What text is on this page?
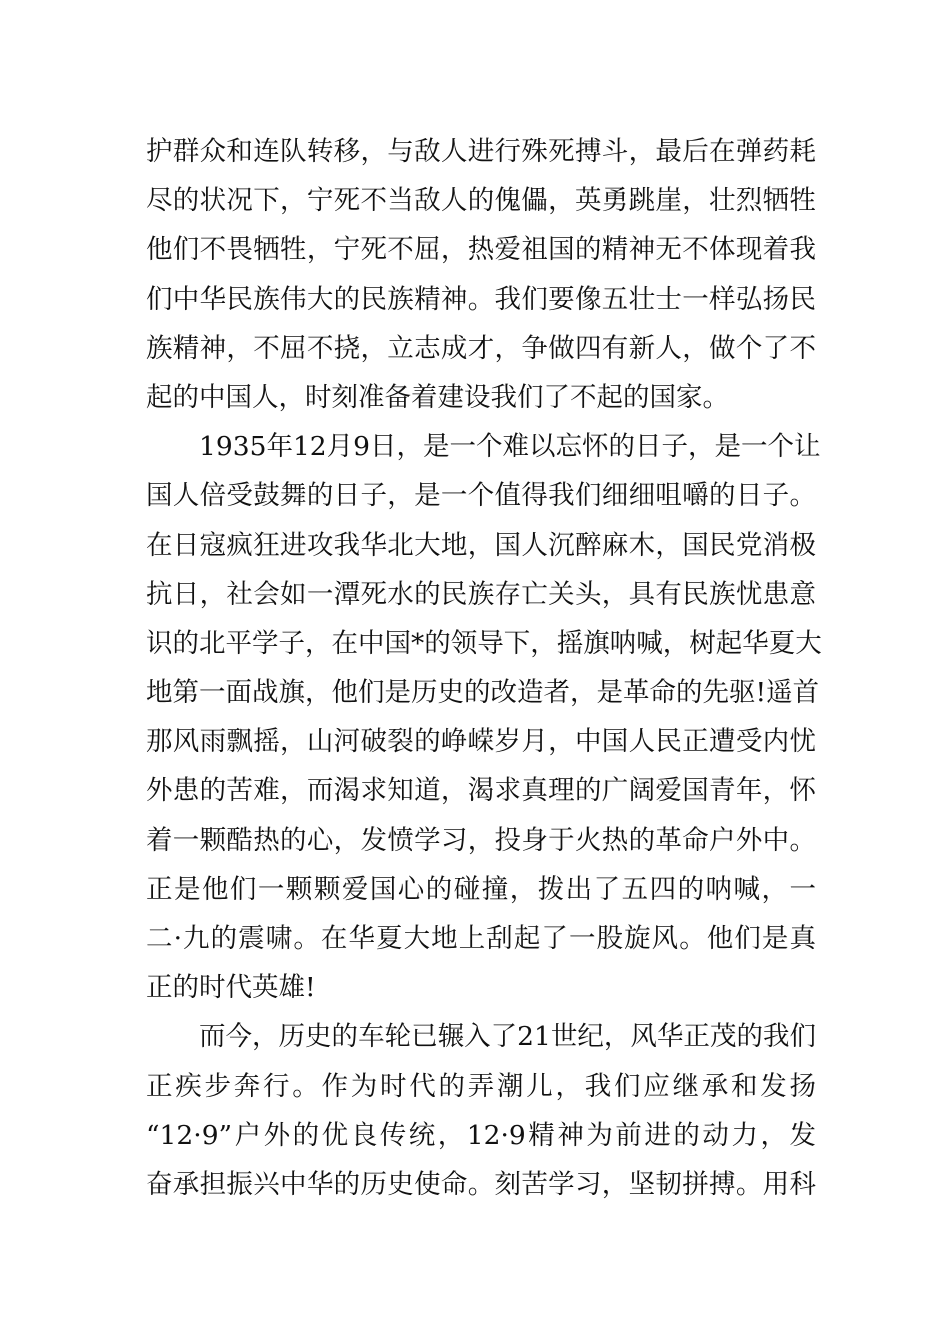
护群众和连队转移，与敌人进行殊死搏斗，最后在弹药耗
尽的状况下，宁死不当敌人的傀儡，英勇跳崖，壮烈牺牲
他们不畏牺牲，宁死不屈，热爱祖国的精神无不体现着我
们中华民族伟大的民族精神。我们要像五壮士一样弘扬民
族精神，不屈不挠，立志成才，争做四有新人，做个了不
起的中国人，时刻准备着建设我们了不起的国家。
1935年12月9日，是一个难以忘怀的日子，是一个让
国人倍受鼓舞的日子，是一个值得我们细细咀嚼的日子。
在日寇疯狂进攻我华北大地，国人沉醉麻木，国民党消极
抗日，社会如一潭死水的民族存亡关头，具有民族忧患意
识的北平学子，在中国*的领导下，摇旗呐喊，树起华夏大
地第一面战旗，他们是历史的改造者，是革命的先驱!遥首
那风雨飘摇，山河破裂的峥嵘岁月，中国人民正遭受内忧
外患的苦难，而渴求知道，渴求真理的广阔爱国青年，怀
着一颗酷热的心，发愤学习，投身于火热的革命户外中。
正是他们一颗颗爱国心的碰撞，拨出了五四的呐喊，一
二·九的震啸。在华夏大地上刮起了一股旋风。他们是真
正的时代英雄!
而今，历史的车轮已辗入了21世纪，风华正茂的我们
正疾步奔行。作为时代的弄潮儿，我们应继承和发扬
“12·9”户外的优良传统，12·9精神为前进的动力，发
奋承担振兴中华的历史使命。刻苦学习，坚韧拼搏。用科
